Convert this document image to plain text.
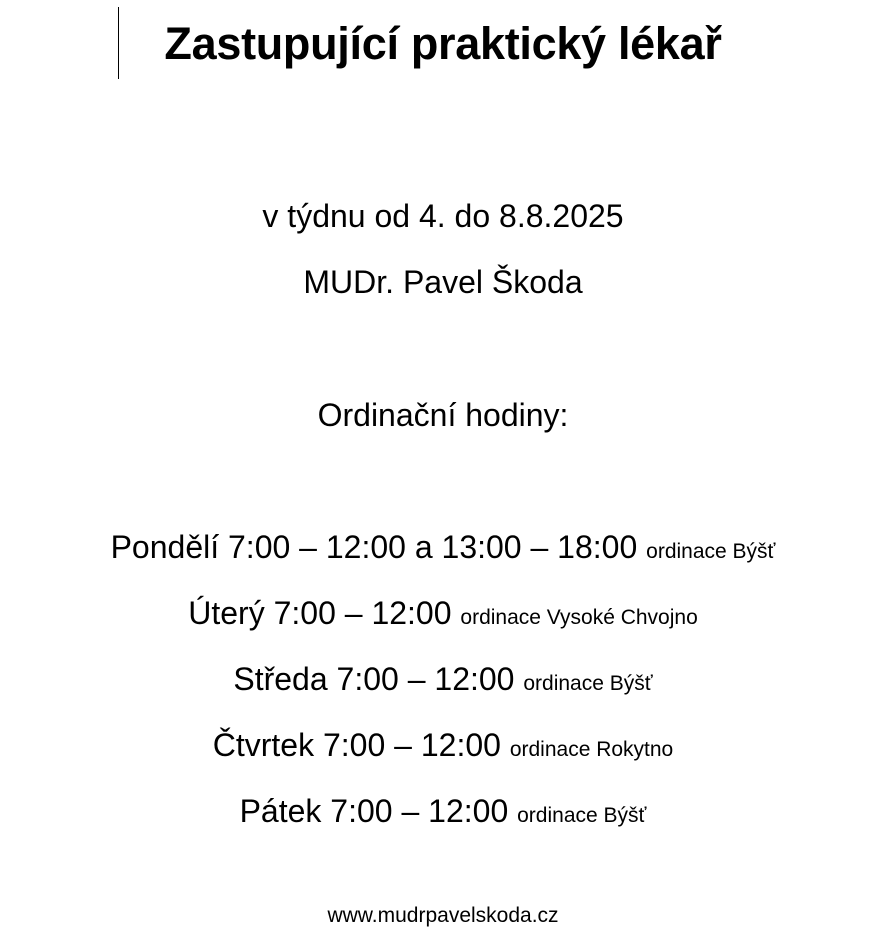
Zastupující praktický lékař
v týdnu od 4. do 8.8.2025
MUDr. Pavel Škoda
Ordinační hodiny:
Pondělí 7:00 – 12:00 a 13:00 – 18:00 ordinace Býšť
Úterý 7:00 – 12:00 ordinace Vysoké Chvojno
Středa 7:00 – 12:00 ordinace Býšť
Čtvrtek 7:00 – 12:00 ordinace Rokytno
Pátek 7:00 – 12:00 ordinace Býšť
www.mudrpavelskoda.cz
